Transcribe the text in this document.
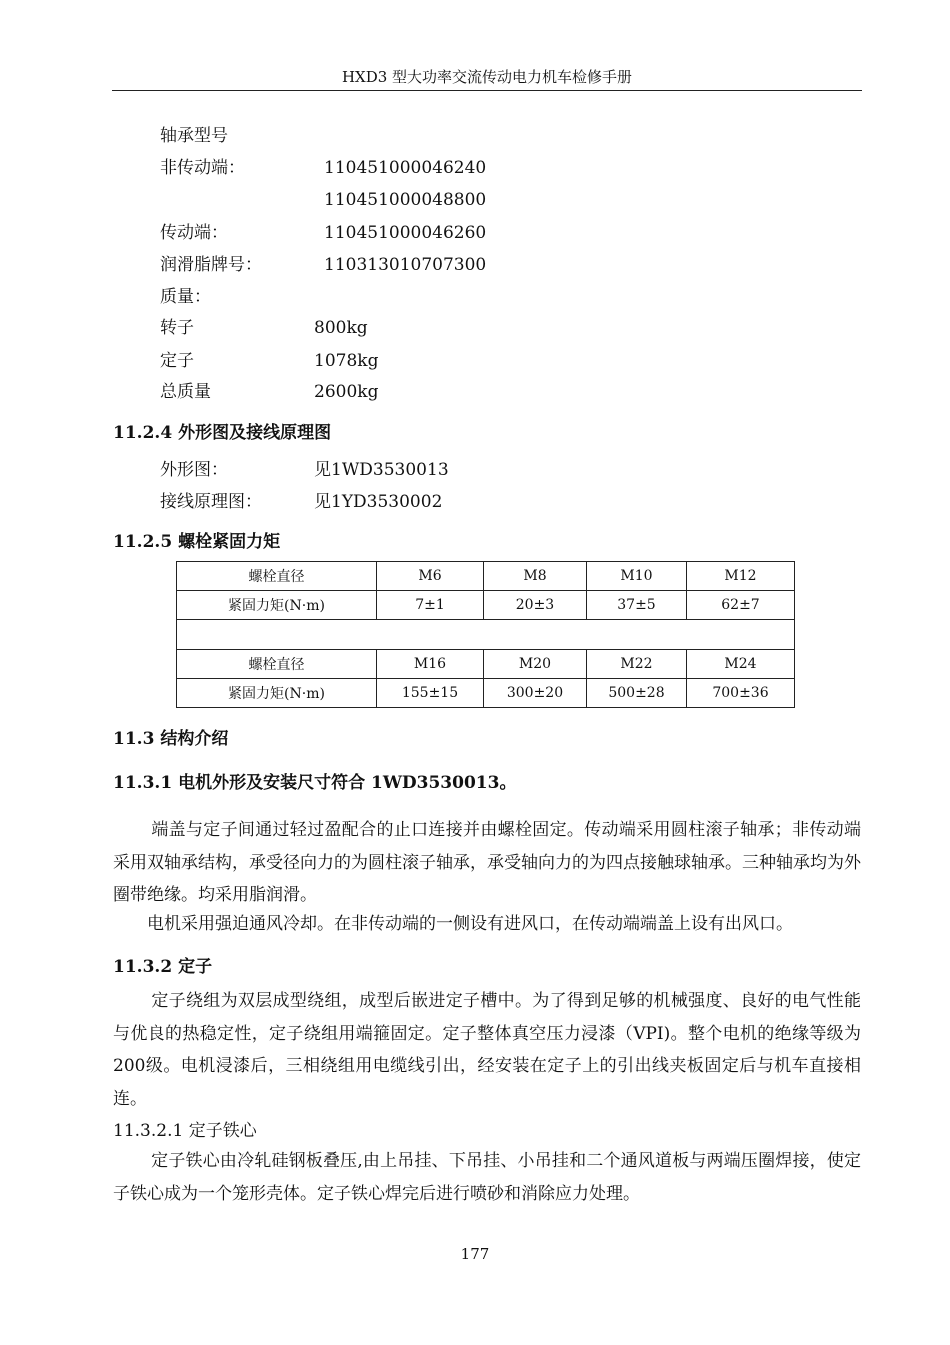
HXD3 型大功率交流传动电力机车检修手册
轴承型号
非传动端：	110451000046240
110451000048800
传动端：	110451000046260
润滑脂牌号：	110313010707300
质量：
转子	800kg
定子	1078kg
总质量	2600kg
11.2.4 外形图及接线原理图
外形图：	见1WD3530013
接线原理图：	见1YD3530002
11.2.5 螺栓紧固力矩
螺栓直径	M6	M8	M10	M12
紧固力矩(N·m)	7±1	20±3	37±5	62±7

螺栓直径	M16	M20	M22	M24
紧固力矩(N·m)	155±15	300±20	500±28	700±36
11.3 结构介绍
11.3.1 电机外形及安装尺寸符合 1WD3530013。
端盖与定子间通过轻过盈配合的止口连接并由螺栓固定。传动端采用圆柱滚子轴承；非传动端采用双轴承结构，承受径向力的为圆柱滚子轴承，承受轴向力的为四点接触球轴承。三种轴承均为外圈带绝缘。均采用脂润滑。
电机采用强迫通风冷却。在非传动端的一侧设有进风口，在传动端端盖上设有出风口。
11.3.2 定子
定子绕组为双层成型绕组，成型后嵌进定子槽中。为了得到足够的机械强度、良好的电气性能与优良的热稳定性，定子绕组用端箍固定。定子整体真空压力浸漆（VPI)。整个电机的绝缘等级为200级。电机浸漆后，三相绕组用电缆线引出，经安装在定子上的引出线夹板固定后与机车直接相连。
11.3.2.1 定子铁心
定子铁心由冷轧硅钢板叠压,由上吊挂、下吊挂、小吊挂和二个通风道板与两端压圈焊接，使定子铁心成为一个笼形壳体。定子铁心焊完后进行喷砂和消除应力处理。
177
